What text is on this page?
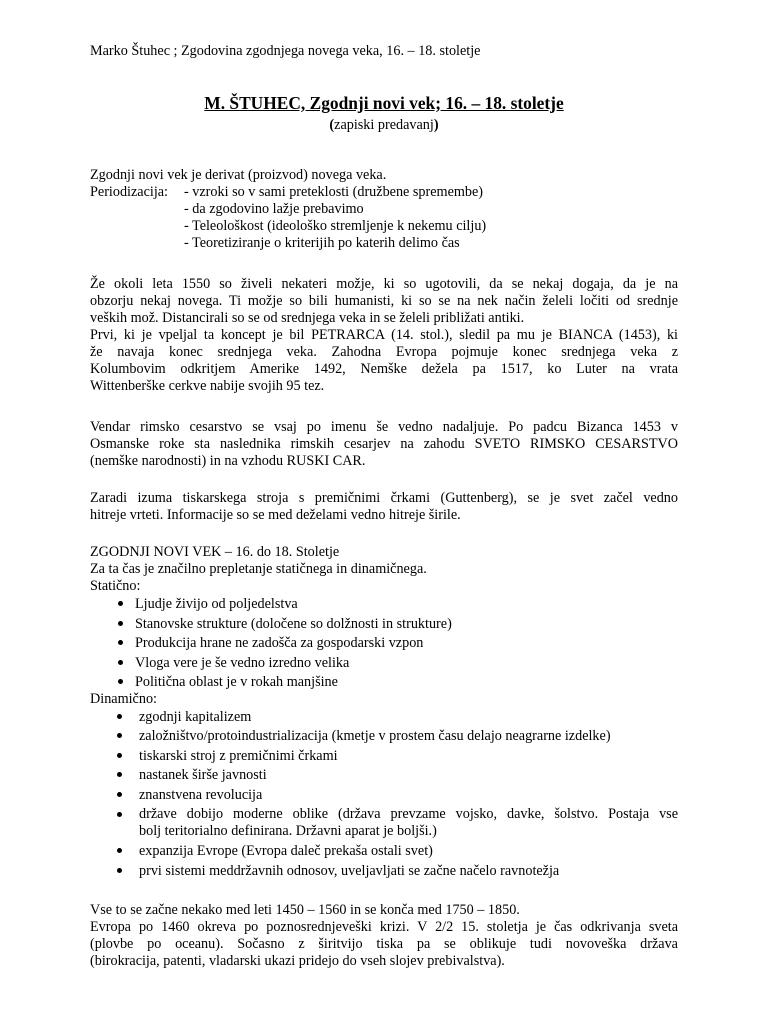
Marko Štuhec ; Zgodovina zgodnjega novega veka, 16. – 18. stoletje
M. ŠTUHEC, Zgodnji novi vek; 16. – 18. stoletje
(zapiski predavanj)
Zgodnji novi vek je derivat (proizvod) novega veka.
Periodizacija:	- vzroki so v sami preteklosti (družbene spremembe)
- da zgodovino lažje prebavimo
- Teleološkost (ideološko stremljenje k nekemu cilju)
- Teoretiziranje o kriterijih po katerih delimo čas
Že okoli leta 1550 so živeli nekateri možje, ki so ugotovili, da se nekaj dogaja, da je na
obzorju nekaj novega. Ti možje so bili humanisti, ki so se na nek način želeli ločiti od srednje
veških mož. Distancirali so se od srednjega veka in se želeli približati antiki.
Prvi, ki je vpeljal ta koncept je bil PETRARCA (14. stol.), sledil pa mu je BIANCA (1453), ki
že navaja konec srednjega veka. Zahodna Evropa pojmuje konec srednjega veka z
Kolumbovim odkritjem Amerike 1492, Nemške dežela pa 1517, ko Luter na vrata
Wittenberške cerkve nabije svojih 95 tez.
Vendar rimsko cesarstvo se vsaj po imenu še vedno nadaljuje. Po padcu Bizanca 1453 v
Osmanske roke sta naslednika rimskih cesarjev na zahodu SVETO RIMSKO CESARSTVO
(nemške narodnosti) in na vzhodu RUSKI CAR.
Zaradi izuma tiskarskega stroja s premičnimi črkami (Guttenberg), se je svet začel vedno
hitreje vrteti. Informacije so se med deželami vedno hitreje širile.
ZGODNJI NOVI VEK – 16. do 18. Stoletje
Za ta čas je značilno prepletanje statičnega in dinamičnega.
Statično:
Ljudje živijo od poljedelstva
Stanovske strukture (določene so dolžnosti in strukture)
Produkcija hrane ne zadošča za gospodarski vzpon
Vloga vere je še vedno izredno velika
Politična oblast je v rokah manjšine
Dinamično:
zgodnji kapitalizem
založništvo/protoindustrializacija (kmetje v prostem času delajo neagrarne izdelke)
tiskarski stroj z premičnimi črkami
nastanek širše javnosti
znanstvena revolucija
države dobijo moderne oblike (država prevzame vojsko, davke, šolstvo. Postaja vse
bolj teritorialno definirana. Državni aparat je boljši.)
expanzija Evrope (Evropa daleč prekaša ostali svet)
prvi sistemi meddržavnih odnosov, uveljavljati se začne načelo ravnotežja
Vse to se začne nekako med leti 1450 – 1560 in se konča med 1750 – 1850.
Evropa po 1460 okreva po poznosrednjeveški krizi. V 2/2 15. stoletja je čas odkrivanja sveta
(plovbe po oceanu). Sočasno z širitvijo tiska pa se oblikuje tudi novoveška država
(birokracija, patenti, vladarski ukazi pridejo do vseh slojev prebivalstva).
